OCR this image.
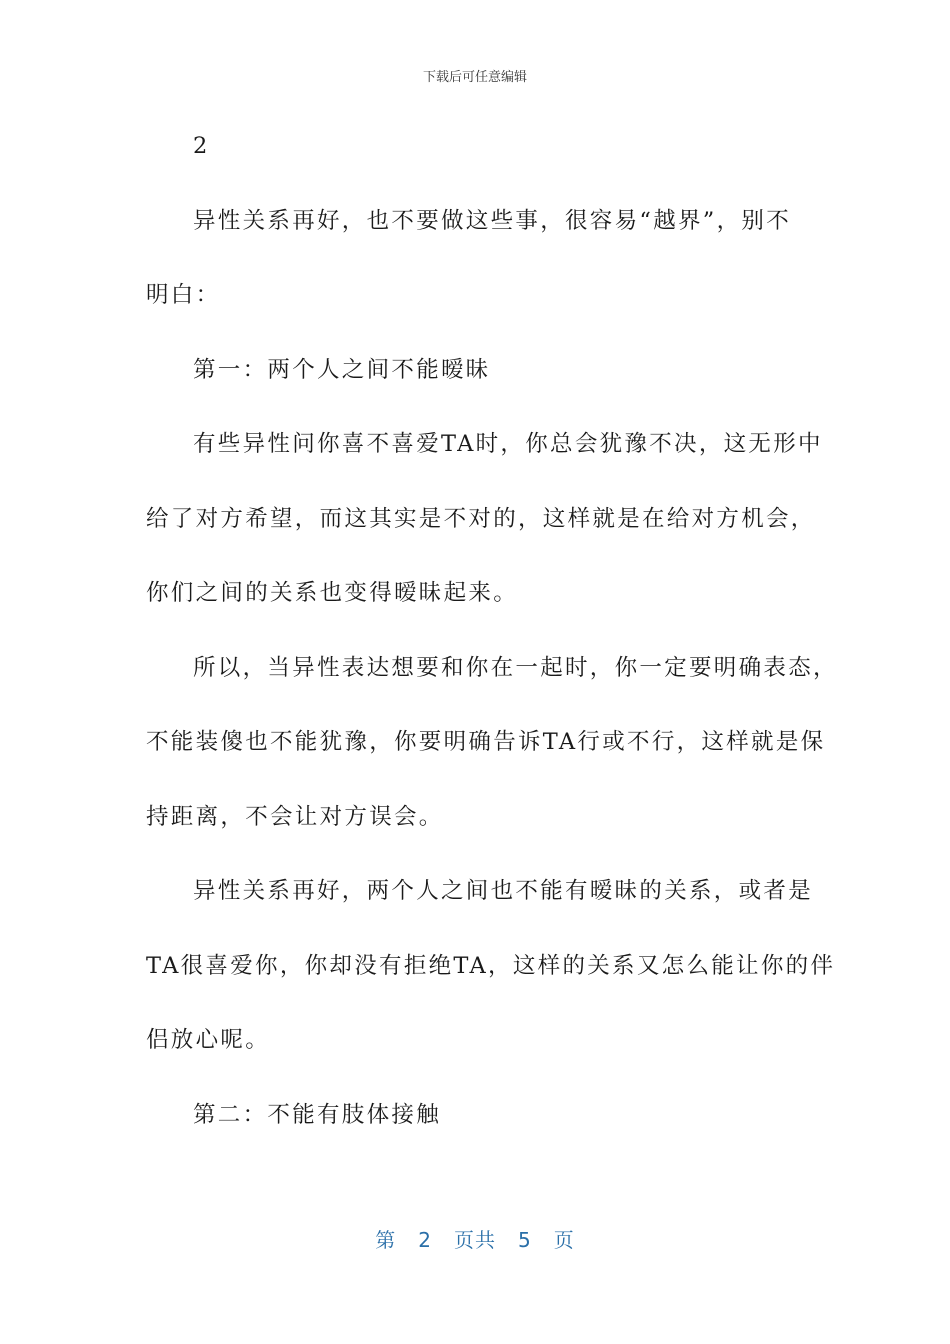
下载后可任意编辑
2
异性关系再好，也不要做这些事，很容易“越界”，别不
明白：
第一：两个人之间不能暧昧
有些异性问你喜不喜爱TA时，你总会犹豫不决，这无形中
给了对方希望，而这其实是不对的，这样就是在给对方机会，
你们之间的关系也变得暧昧起来。
所以，当异性表达想要和你在一起时，你一定要明确表态，
不能装傻也不能犹豫，你要明确告诉TA行或不行，这样就是保
持距离，不会让对方误会。
异性关系再好，两个人之间也不能有暧昧的关系，或者是
TA很喜爱你，你却没有拒绝TA，这样的关系又怎么能让你的伴
侣放心呢。
第二：不能有肢体接触
第 2 页共 5 页
